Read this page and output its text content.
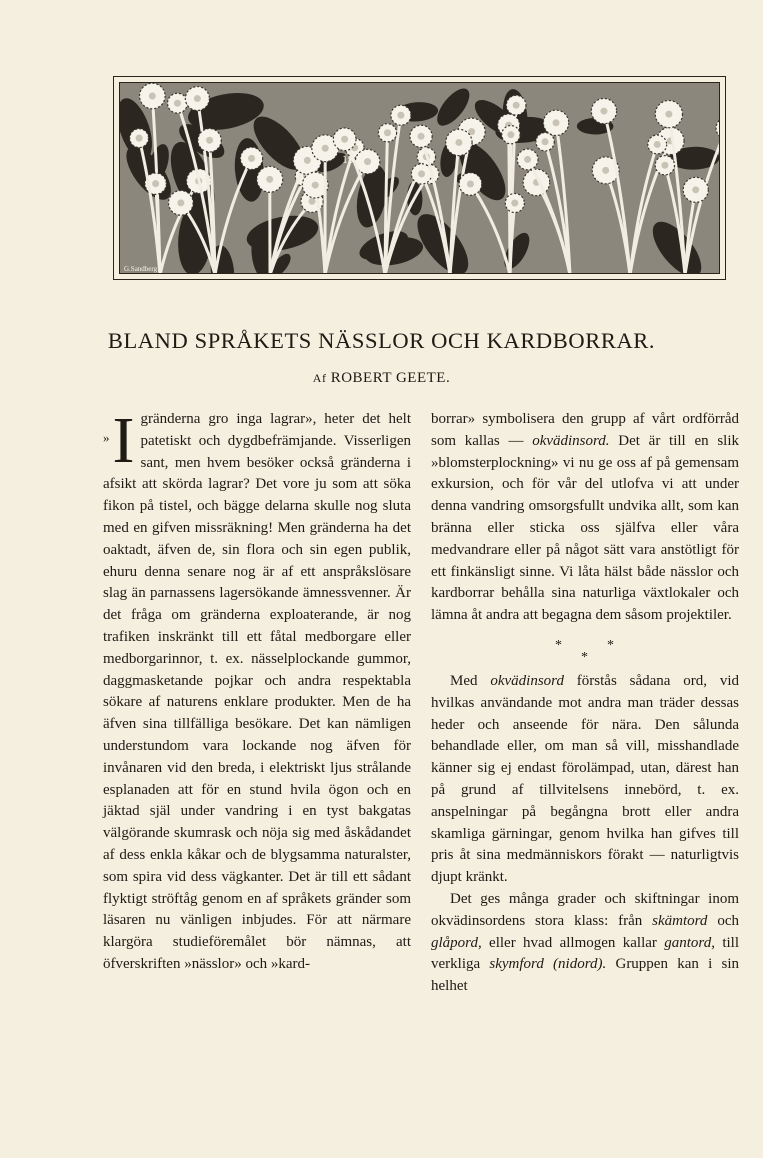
19
G.Sandberg
BLAND SPRÅKETS NÄSSLOR OCH KARDBORRAR.
Af ROBERT GEETE.

» I gränderna gro inga lagrar», heter det helt patetiskt och dygdbefrämjande. Visserligen sant, men hvem besöker också gränderna i afsikt att skörda lagrar? Det vore ju som att söka fikon på tistel, och bägge delarna skulle nog sluta med en gifven missräkning! Men gränderna ha det oaktadt, äfven de, sin flora och sin egen publik, ehuru denna senare nog är af ett anspråkslösare slag än parnassens lagersökande ämnessvenner. Är det fråga om gränderna exploaterande, är nog trafiken inskränkt till ett fåtal medborgare eller medborgarinnor, t. ex. nässelplockande gummor, daggmasketande pojkar och andra respektabla sökare af naturens enklare produkter. Men de ha äfven sina tillfälliga besökare. Det kan nämligen understundom vara lockande nog äfven för invånaren vid den breda, i elektriskt ljus strålande esplanaden att för en stund hvila ögon och en jäktad själ under vandring i en tyst bakgatas välgörande skumrask och nöja sig med åskådandet af dess enkla kåkar och de blygsamma naturalster, som spira vid dess vägkanter. Det är till ett sådant flyktigt ströftåg genom en af språkets gränder som läsaren nu vänligen inbjudes. För att närmare klargöra studieföremålet bör nämnas, att öfverskriften »nässlor» och »kard-

borrar» symbolisera den grupp af vårt ordförråd som kallas — okvädinsord. Det är till en slik »blomsterplockning» vi nu ge oss af på gemensam exkursion, och för vår del utlofva vi att under denna vandring omsorgsfullt undvika allt, som kan bränna eller sticka oss själfva eller våra medvandrare eller på något sätt vara anstötligt för ett finkänsligt sinne. Vi låta hälst både nässlor och kardborrar behålla sina naturliga växtlokaler och lämna åt andra att begagna dem såsom projektiler.

*	*
*

Med okvädinsord förstås sådana ord, vid hvilkas användande mot andra man träder dessas heder och anseende för nära. Den sålunda behandlade eller, om man så vill, misshandlade känner sig ej endast förolämpad, utan, därest han på grund af tillvitelsens innebörd, t. ex. anspelningar på begångna brott eller andra skamliga gärningar, genom hvilka han gifves till pris åt sina medmänniskors förakt — naturligtvis djupt kränkt.

Det ges många grader och skiftningar inom okvädinsordens stora klass: från skämtord och glåpord, eller hvad allmogen kallar gantord, till verkliga skymford (nidord). Gruppen kan i sin helhet
